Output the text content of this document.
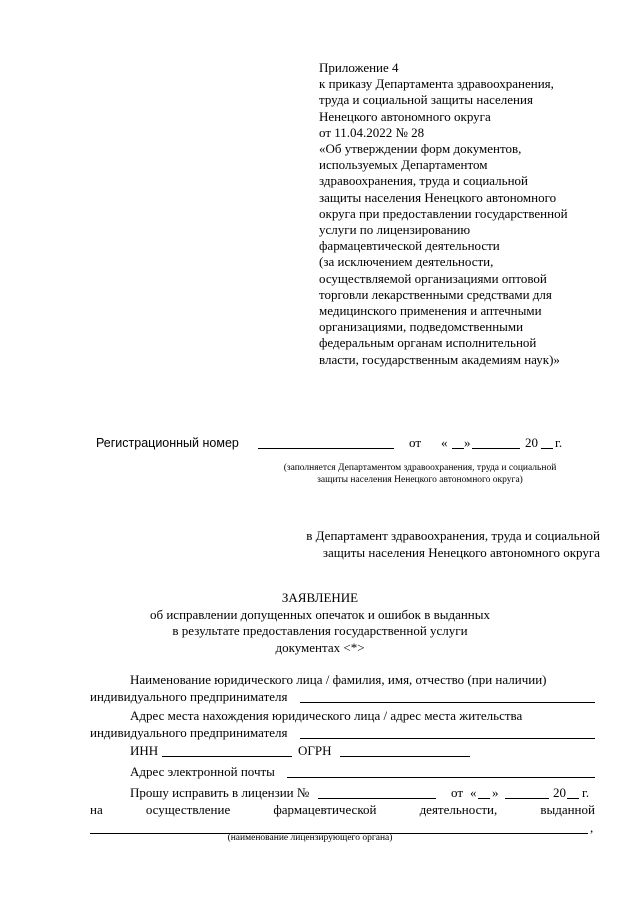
Приложение 4
к приказу Департамента здравоохранения,
труда и социальной защиты населения
Ненецкого автономного округа
от 11.04.2022 № 28
«Об утверждении форм документов,
используемых Департаментом
здравоохранения, труда и социальной
защиты населения Ненецкого автономного
округа при предоставлении государственной
услуги по лицензированию
фармацевтической деятельности
(за исключением деятельности,
осуществляемой организациями оптовой
торговли лекарственными средствами для
медицинского применения и аптечными
организациями, подведомственными
федеральным органам исполнительной
власти, государственным академиям наук)»
Регистрационный номер	от « »	20 г.
(заполняется Департаментом здравоохранения, труда и социальной
защиты населения Ненецкого автономного округа)
в Департамент здравоохранения, труда и социальной
защиты населения Ненецкого автономного округа
ЗАЯВЛЕНИЕ
об исправлении допущенных опечаток и ошибок в выданных
в результате предоставления государственной услуги
документах <*>
Наименование юридического лица / фамилия, имя, отчество (при наличии)
индивидуального предпринимателя
Адрес места нахождения юридического лица / адрес места жительства
индивидуального предпринимателя
ИНН	ОГРН
Адрес электронной почты
Прошу исправить в лицензии №	от « »	20 г.
на	осуществление	фармацевтической	деятельности,	выданной
,
(наименование лицензирующего органа)
